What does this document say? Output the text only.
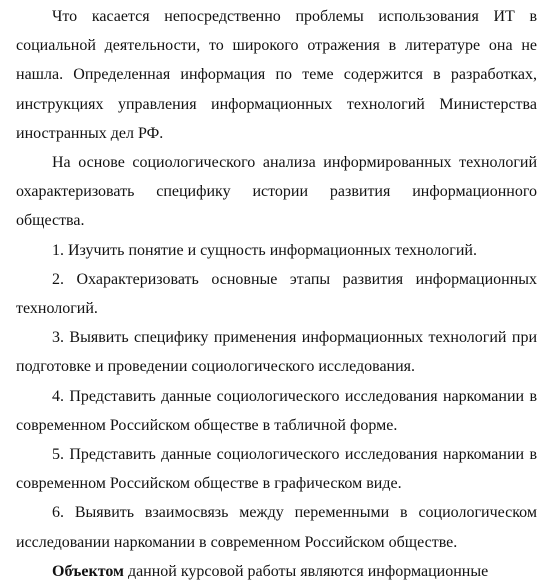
Что касается непосредственно проблемы использования ИТ в социальной деятельности, то широкого отражения в литературе она не нашла. Определенная информация по теме содержится в разработках, инструкциях управления информационных технологий Министерства иностранных дел РФ.

На основе социологического анализа информированных технологий охарактеризовать специфику истории развития информационного общества.

1. Изучить понятие и сущность информационных технологий.

2. Охарактеризовать основные этапы развития информационных технологий.

3. Выявить специфику применения информационных технологий при подготовке и проведении социологического исследования.

4. Представить данные социологического исследования наркомании в современном Российском обществе в табличной форме.

5. Представить данные социологического исследования наркомании в современном Российском обществе в графическом виде.

6. Выявить взаимосвязь между переменными в социологическом исследовании наркомании в современном Российском обществе.

Объектом данной курсовой работы являются информационные
